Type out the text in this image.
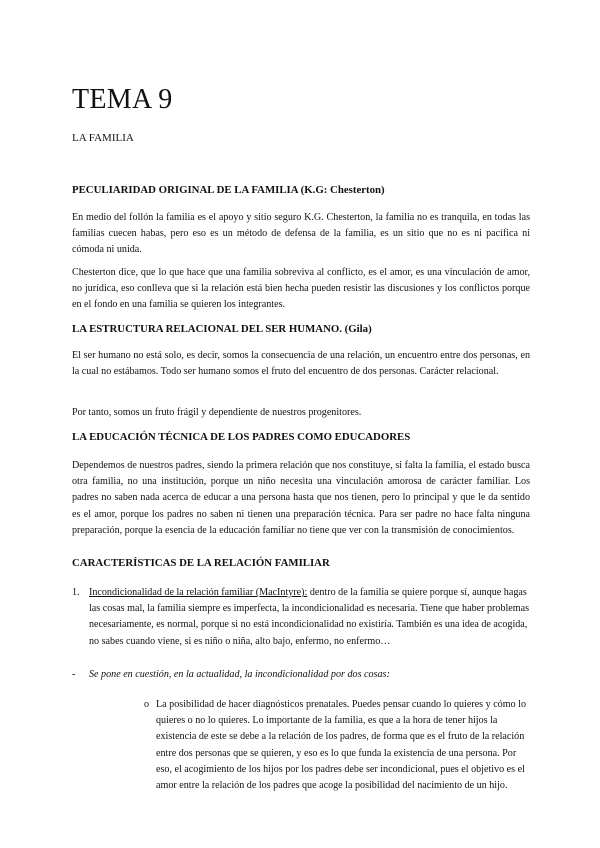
TEMA 9

LA FAMILIA

PECULIARIDAD ORIGINAL DE LA FAMILIA (K.G: Chesterton)

En medio del follón la familia es el apoyo y sitio seguro K.G. Chesterton, la familia no es tranquila, en todas las familias cuecen habas, pero eso es un método de defensa de la familia, es un sitio que no es ni pacífica ni cómoda ni unida.

Chesterton dice, que lo que hace que una familia sobreviva al conflicto, es el amor, es una vinculación de amor, no jurídica, eso conlleva que si la relación está bien hecha pueden resistir las discusiones y los conflictos porque en el fondo en una familia se quieren los integrantes.

LA ESTRUCTURA RELACIONAL DEL SER HUMANO. (Gila)

El ser humano no está solo, es decir, somos la consecuencia de una relación, un encuentro entre dos personas, en la cual no estábamos. Todo ser humano somos el fruto del encuentro de dos personas. Carácter relacional.

Por tanto, somos un fruto frágil y dependiente de nuestros progenitores.

LA EDUCACIÓN TÉCNICA DE LOS PADRES COMO EDUCADORES

Dependemos de nuestros padres, siendo la primera relación que nos constituye, si falta la familia, el estado busca otra familia, no una institución, porque un niño necesita una vinculación amorosa de carácter familiar. Los padres no saben nada acerca de educar a una persona hasta que nos tienen, pero lo principal y que le da sentido es el amor, porque los padres no saben ni tienen una preparación técnica. Para ser padre no hace falta ninguna preparación, porque la esencia de la educación familiar no tiene que ver con la transmisión de conocimientos.

CARACTERÍSTICAS DE LA RELACIÓN FAMILIAR

1. Incondicionalidad de la relación familiar (MacIntyre): dentro de la familia se quiere porque sí, aunque hagas las cosas mal, la familia siempre es imperfecta, la incondicionalidad es necesaria. Tiene que haber problemas necesariamente, es normal, porque si no está incondicionalidad no existiría. También es una idea de acogida, no sabes cuando viene, si es niño o niña, alto bajo, enfermo, no enfermo…
- Se pone en cuestión, en la actualidad, la incondicionalidad por dos cosas:
o La posibilidad de hacer diagnósticos prenatales. Puedes pensar cuando lo quieres y cómo lo quieres o no lo quieres. Lo importante de la familia, es que a la hora de tener hijos la existencia de este se debe a la relación de los padres, de forma que es el fruto de la relación entre dos personas que se quieren, y eso es lo que funda la existencia de una persona. Por eso, el acogimiento de los hijos por los padres debe ser incondicional, pues el objetivo es el amor entre la relación de los padres que acoge la posibilidad del nacimiento de un hijo.
